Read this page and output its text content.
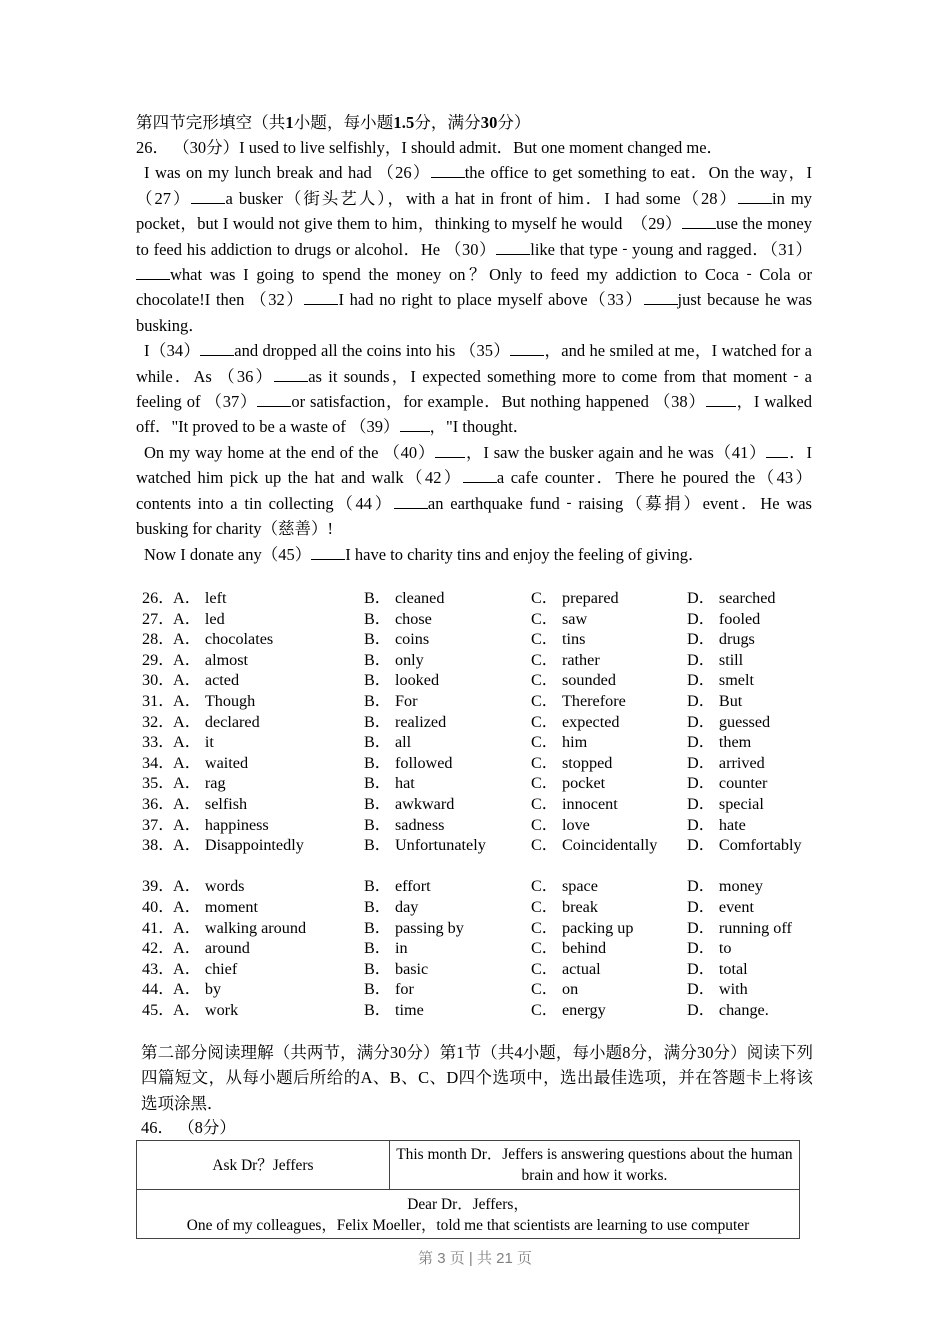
第四节完形填空（共1小题，每小题1.5分，满分30分）

26． （30分）I used to live selfishly，I should admit．But one moment changed me．

I was on my lunch break and had （26） the office to get something to eat．On the way，I （27） a busker（街头艺人），with a hat in front of him．I had some（28） in my pocket，but I would not give them to him，thinking to myself he would  （29） use the money to feed his addiction to drugs or alcohol．He （30） like that type - young and ragged．（31）what was I going to spend the money on？Only to feed my addiction to Coca - Cola or chocolate!I then （32） I had no right to place myself above（33） just because he was busking．

I（34） and dropped all the coins into his （35） ，and he smiled at me，I watched for a while．As （36） as it sounds，I expected something more to come from that moment - a feeling of （37） or satisfaction，for example．But nothing happened （38） ，I walked off．"It proved to be a waste of （39） ，"I thought．

On my way home at the end of the （40） ，I saw the busker again and he was（41） ．I watched him pick up the hat and walk（42） a cafe counter．There he poured the（43）contents into a tin collecting（44） an earthquake fund - raising（募捐）event．He was busking for charity（慈善）!

Now I donate any（45） I have to charity tins and enjoy the feeling of giving．

26．
A． left	B． cleaned	C． prepared	D． searched
27．
A． led	B． chose	C． saw	D． fooled
28．
A． chocolates	B． coins	C． tins	D． drugs
29．
A． almost	B． only	C． rather	D． still
30．
A． acted	B． looked	C． sounded	D． smelt
31．
A． Though	B． For	C． Therefore	D． But
32．
A． declared	B． realized	C． expected	D． guessed
33．
A． it	B． all	C． him	D． them
34．
A． waited	B． followed	C． stopped	D． arrived
35．
A． rag	B． hat	C． pocket	D． counter
36．
A． selfish	B． awkward	C． innocent	D． special
37．
A． happiness	B． sadness	C． love	D． hate
38．
A． Disappointedly	B． Unfortunately	C． Coincidentally D． Comfortably
39．
A． words	B． effort	C． space	D． money
40．
A． moment	B． day	C． break	D． event
41．
A． walking around	B． passing by	C． packing up	D． running off
42．
A． around	B． in	C． behind	D． to
43．
A． chief	B． basic	C． actual	D． total
44．
A． by	B． for	C． on	D． with
45．
A． work	B． time	C． energy	D． change.
第二部分阅读理解（共两节，满分30分）第1节（共4小题，每小题8分，满分30分）阅读下列四篇短文，从每小题后所给的A、B、C、D四个选项中，选出最佳选项，并在答题卡上将该选项涂黑．
46． （8分）
Ask Dr？Jeffers	This month Dr．Jeffers is answering questions about the human brain and how it works.

Dear Dr．Jeffers，
One of my colleagues，Felix Moeller，told me that scientists are learning to use computer
第 3 页 | 共 21 页
